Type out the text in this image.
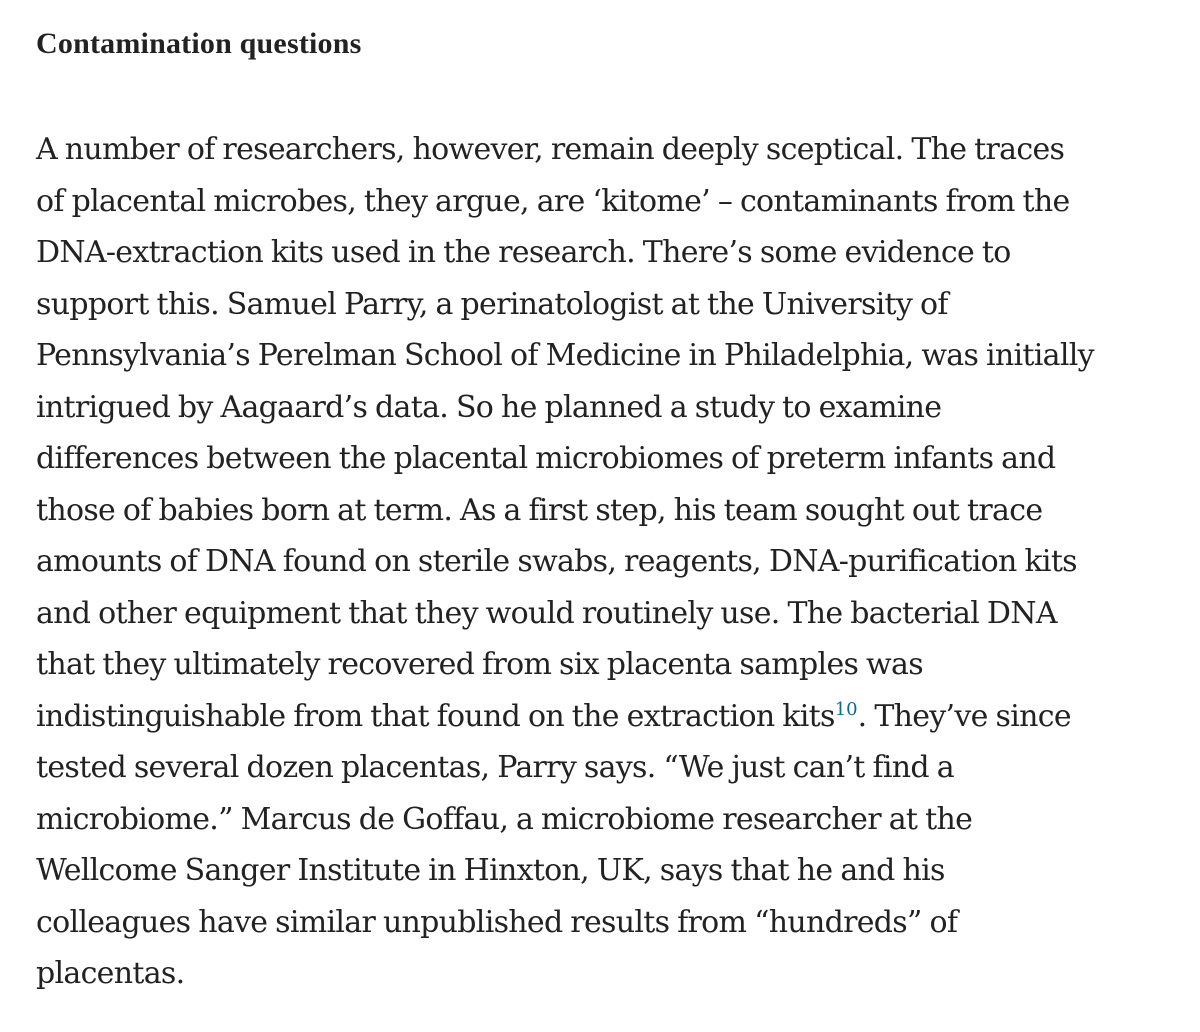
Contamination questions

A number of researchers, however, remain deeply sceptical. The traces
of placental microbes, they argue, are ‘kitome’ – contaminants from the
DNA-extraction kits used in the research. There’s some evidence to
support this. Samuel Parry, a perinatologist at the University of
Pennsylvania’s Perelman School of Medicine in Philadelphia, was initially
intrigued by Aagaard’s data. So he planned a study to examine
differences between the placental microbiomes of preterm infants and
those of babies born at term. As a first step, his team sought out trace
amounts of DNA found on sterile swabs, reagents, DNA-purification kits
and other equipment that they would routinely use. The bacterial DNA
that they ultimately recovered from six placenta samples was
indistinguishable from that found on the extraction kits$^{10}$. They’ve since
tested several dozen placentas, Parry says. “We just can’t find a
microbiome.” Marcus de Goffau, a microbiome researcher at the
Wellcome Sanger Institute in Hinxton, UK, says that he and his
colleagues have similar unpublished results from “hundreds” of
placentas.
